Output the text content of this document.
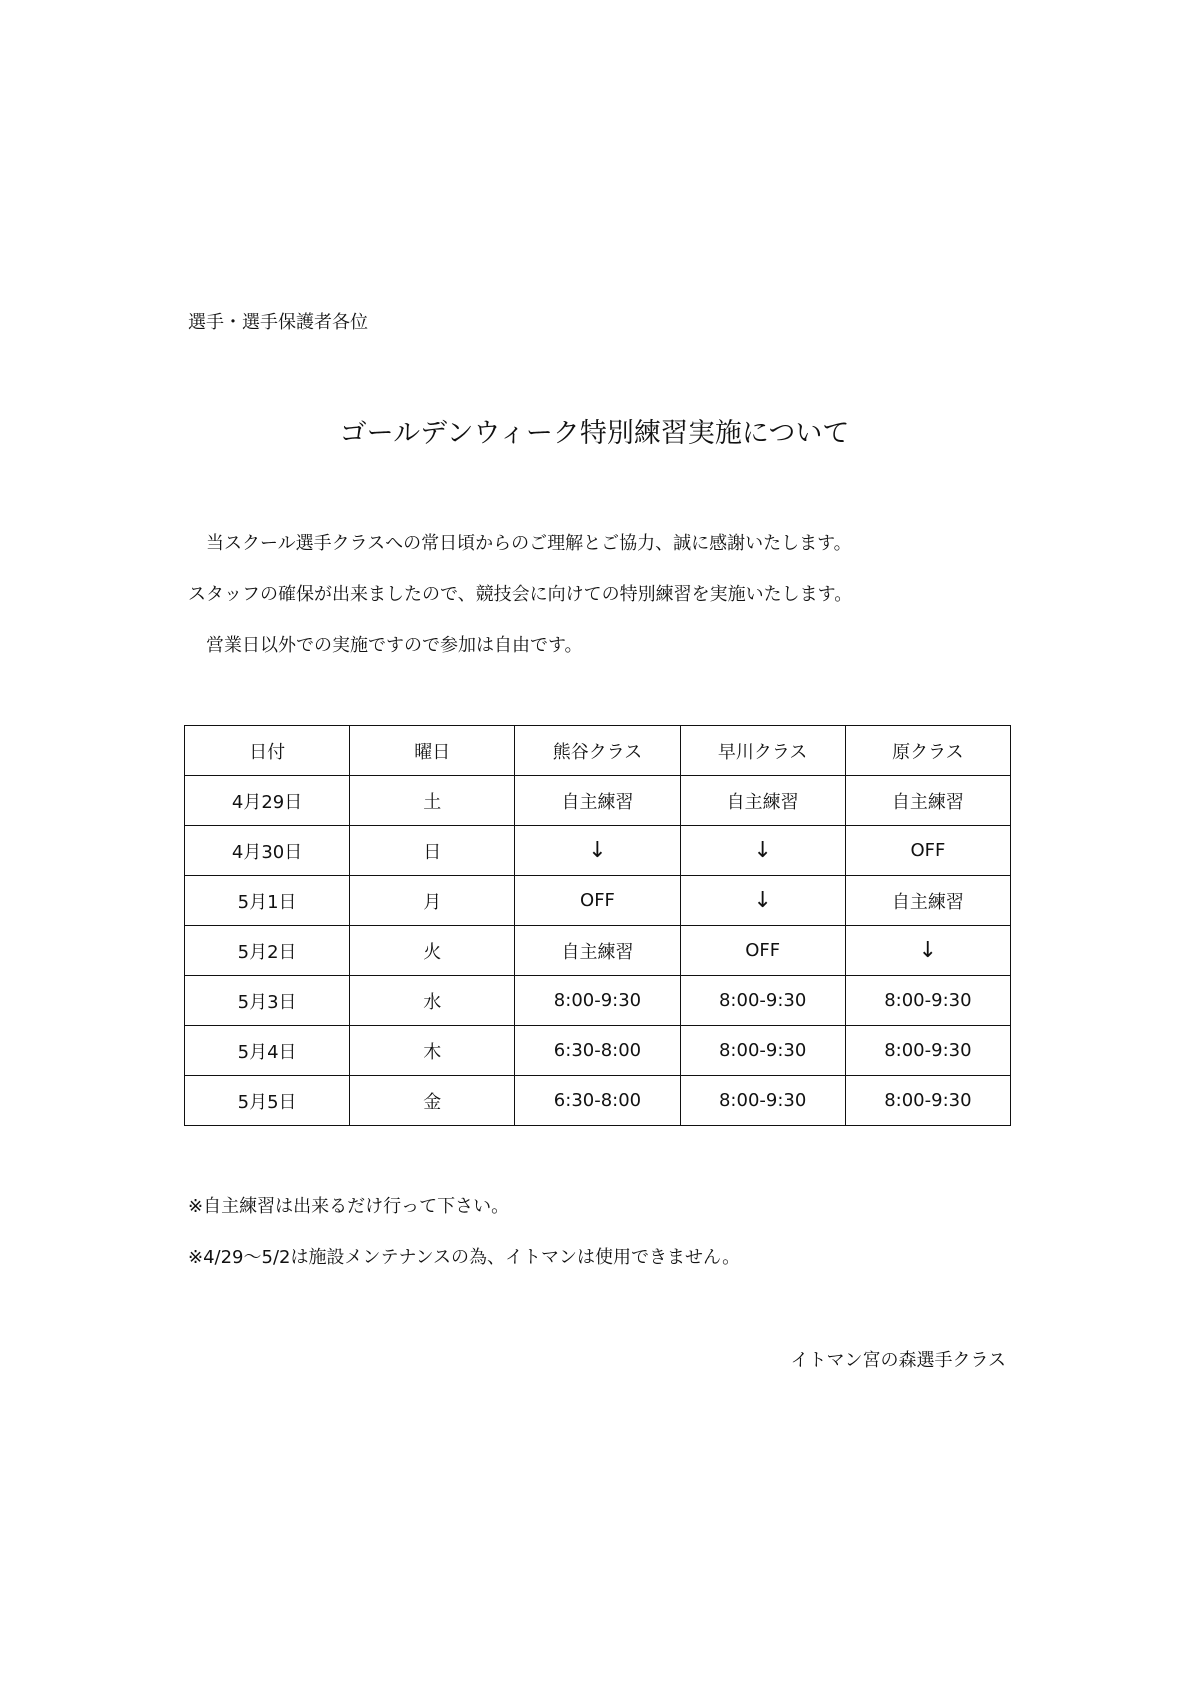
選手・選手保護者各位
ゴールデンウィーク特別練習実施について
　当スクール選手クラスへの常日頃からのご理解とご協力、誠に感謝いたします。
スタッフの確保が出来ましたので、競技会に向けての特別練習を実施いたします。
　営業日以外での実施ですので参加は自由です。
日付	曜日	熊谷クラス	早川クラス	原クラス
4月29日	土	自主練習	自主練習	自主練習
4月30日	日	↓	↓	OFF
5月1日	月	OFF	↓	自主練習
5月2日	火	自主練習	OFF	↓
5月3日	水	8:00-9:30	8:00-9:30	8:00-9:30
5月4日	木	6:30-8:00	8:00-9:30	8:00-9:30
5月5日	金	6:30-8:00	8:00-9:30	8:00-9:30
※自主練習は出来るだけ行って下さい。
※4/29〜5/2は施設メンテナンスの為、イトマンは使用できません。
イトマン宮の森選手クラス
